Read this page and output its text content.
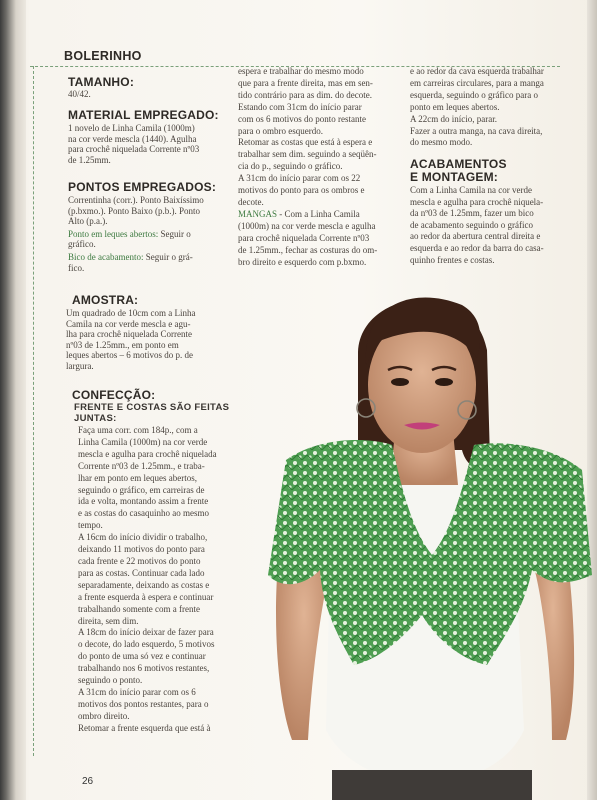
BOLERINHO
TAMANHO:
40/42.
MATERIAL EMPREGADO:
1 novelo de Linha Camila (1000m)
na cor verde mescla (1440). Agulha
para crochê niquelada Corrente nº03
de 1.25mm.
PONTOS EMPREGADOS:
Correntinha (corr.). Ponto Baixíssimo
(p.bxmo.). Ponto Baixo (p.b.). Ponto
Alto (p.a.).
Ponto em leques abertos: Seguir o
gráfico.
Bico de acabamento: Seguir o grá-
fico.
AMOSTRA:
Um quadrado de 10cm com a Linha
Camila na cor verde mescla e agu-
lha para crochê niquelada Corrente
nº03 de 1.25mm., em ponto em
leques abertos – 6 motivos do p. de
largura.
CONFECÇÃO:
FRENTE E COSTAS SÃO FEITAS
JUNTAS:
Faça uma corr. com 184p., com a
Linha Camila (1000m) na cor verde
mescla e agulha para crochê niquelada
Corrente nº03 de 1.25mm., e traba-
lhar em ponto em leques abertos,
seguindo o gráfico, em carreiras de
ida e volta, montando assim a frente
e as costas do casaquinho ao mesmo
tempo.
A 16cm do início dividir o trabalho,
deixando 11 motivos do ponto para
cada frente e 22 motivos do ponto
para as costas. Continuar cada lado
separadamente, deixando as costas e
a frente esquerda à espera e continuar
trabalhando somente com a frente
direita, sem dim.
A 18cm do início deixar de fazer para
o decote, do lado esquerdo, 5 motivos
do ponto de uma só vez e continuar
trabalhando nos 6 motivos restantes,
seguindo o ponto.
A 31cm do início parar com os 6
motivos dos pontos restantes, para o
ombro direito.
Retomar a frente esquerda que está à
espera e trabalhar do mesmo modo
que para a frente direita, mas em sen-
tido contrário para as dim. do decote.
Estando com 31cm do início parar
com os 6 motivos do ponto restante
para o ombro esquerdo.
Retomar as costas que está à espera e
trabalhar sem dim. seguindo a seqüên-
cia do p., seguindo o gráfico.
A 31cm do início parar com os 22
motivos do ponto para os ombros e
decote.
MANGAS - Com a Linha Camila
(1000m) na cor verde mescla e agulha
para crochê niquelada Corrente nº03
de 1.25mm., fechar as costuras do om-
bro direito e esquerdo com p.bxmo.
e ao redor da cava esquerda trabalhar
em carreiras circulares, para a manga
esquerda, seguindo o gráfico para o
ponto em leques abertos.
A 22cm do início, parar.
Fazer a outra manga, na cava direita,
do mesmo modo.
ACABAMENTOS
E MONTAGEM:
Com a Linha Camila na cor verde
mescla e agulha para crochê niquela-
da nº03 de 1.25mm, fazer um bico
de acabamento seguindo o gráfico
ao redor da abertura central direita e
esquerda e ao redor da barra do casa-
quinho frentes e costas.
26
